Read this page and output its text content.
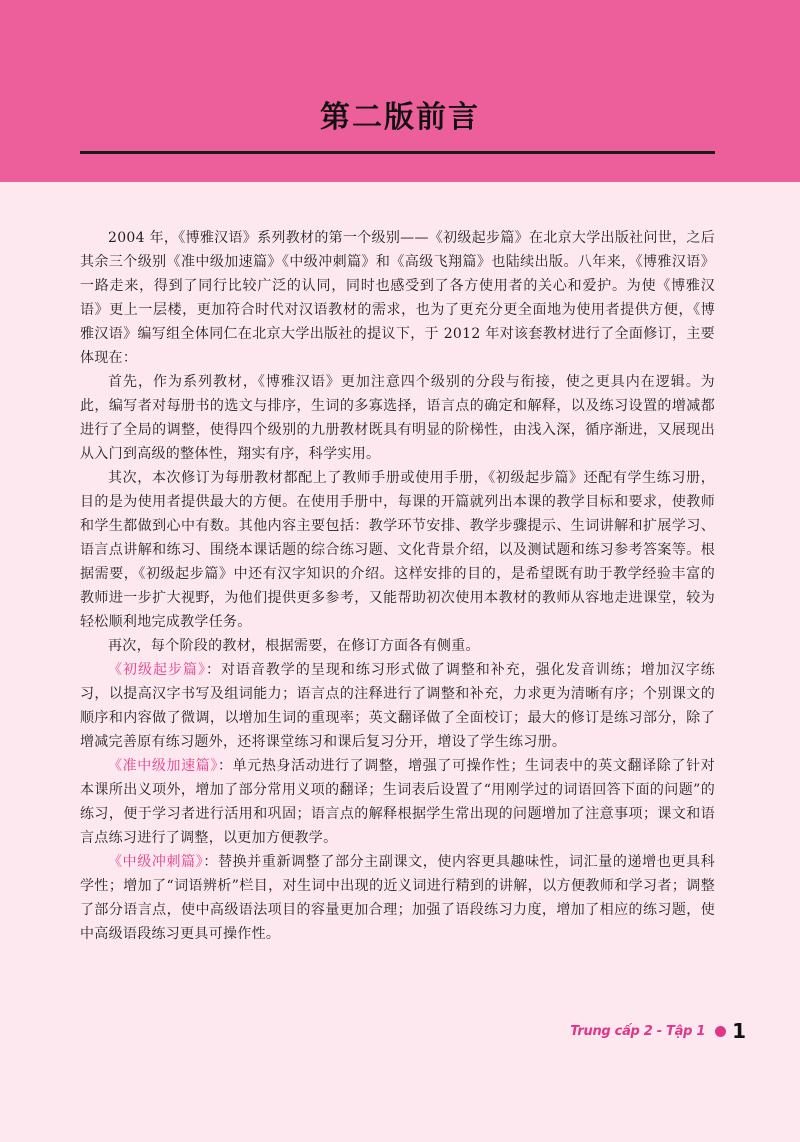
第二版前言

2004 年，《博雅汉语》系列教材的第一个级别——《初级起步篇》在北京大学出版社问世，之后其余三个级别《准中级加速篇》《中级冲刺篇》和《高级飞翔篇》也陆续出版。八年来，《博雅汉语》一路走来，得到了同行比较广泛的认同，同时也感受到了各方使用者的关心和爱护。为使《博雅汉语》更上一层楼，更加符合时代对汉语教材的需求，也为了更充分更全面地为使用者提供方便，《博雅汉语》编写组全体同仁在北京大学出版社的提议下，于 2012 年对该套教材进行了全面修订，主要体现在：

首先，作为系列教材，《博雅汉语》更加注意四个级别的分段与衔接，使之更具内在逻辑。为此，编写者对每册书的选文与排序，生词的多寡选择，语言点的确定和解释，以及练习设置的增减都进行了全局的调整，使得四个级别的九册教材既具有明显的阶梯性，由浅入深，循序渐进，又展现出从入门到高级的整体性，翔实有序，科学实用。

其次，本次修订为每册教材都配上了教师手册或使用手册，《初级起步篇》还配有学生练习册，目的是为使用者提供最大的方便。在使用手册中，每课的开篇就列出本课的教学目标和要求，使教师和学生都做到心中有数。其他内容主要包括：教学环节安排、教学步骤提示、生词讲解和扩展学习、语言点讲解和练习、围绕本课话题的综合练习题、文化背景介绍，以及测试题和练习参考答案等。根据需要，《初级起步篇》中还有汉字知识的介绍。这样安排的目的，是希望既有助于教学经验丰富的教师进一步扩大视野，为他们提供更多参考，又能帮助初次使用本教材的教师从容地走进课堂，较为轻松顺利地完成教学任务。

再次，每个阶段的教材，根据需要，在修订方面各有侧重。

《初级起步篇》：对语音教学的呈现和练习形式做了调整和补充，强化发音训练；增加汉字练习，以提高汉字书写及组词能力；语言点的注释进行了调整和补充，力求更为清晰有序；个别课文的顺序和内容做了微调，以增加生词的重现率；英文翻译做了全面校订；最大的修订是练习部分，除了增减完善原有练习题外，还将课堂练习和课后复习分开，增设了学生练习册。

《准中级加速篇》：单元热身活动进行了调整，增强了可操作性；生词表中的英文翻译除了针对本课所出义项外，增加了部分常用义项的翻译；生词表后设置了“用刚学过的词语回答下面的问题”的练习，便于学习者进行活用和巩固；语言点的解释根据学生常出现的问题增加了注意事项；课文和语言点练习进行了调整，以更加方便教学。

《中级冲刺篇》：替换并重新调整了部分主副课文，使内容更具趣味性，词汇量的递增也更具科学性；增加了“词语辨析”栏目，对生词中出现的近义词进行精到的讲解，以方便教师和学习者；调整了部分语言点，使中高级语法项目的容量更加合理；加强了语段练习力度，增加了相应的练习题，使中高级语段练习更具可操作性。

Trung cấp 2 - Tập 1 1
